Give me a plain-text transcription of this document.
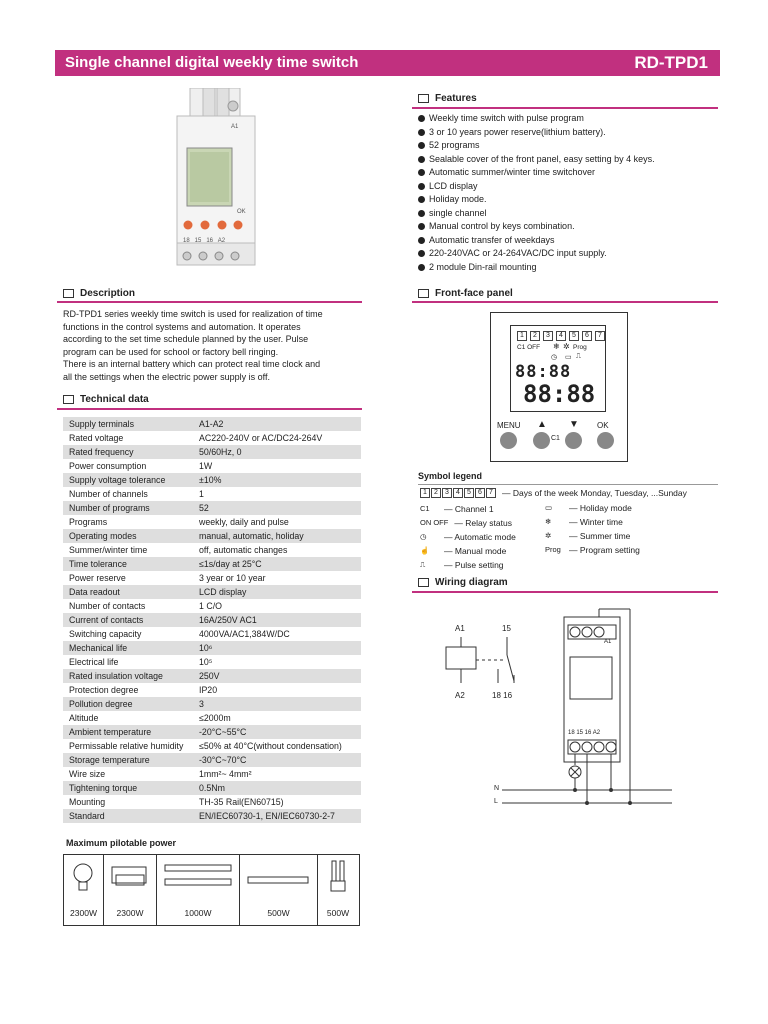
Single channel digital weekly time switch	RD-TPD1
A1
OK
18   15   16   A2
Features
Weekly time switch with pulse program
3 or 10 years power reserve(lithium battery).
52 programs
Sealable cover of the front panel, easy setting by 4 keys.
Automatic summer/winter time switchover
LCD display
Holiday mode.
single channel
Manual control by keys combination.
Automatic transfer of weekdays
220-240VAC or 24-264VAC/DC input supply.
2 module Din-rail mounting
Description
RD-TPD1 series weekly time switch is used for realization of time
functions in the control systems and automation. It operates
according to the set time schedule planned by the user. Pulse
program can be used for school or factory bell ringing.
There is an internal battery which can protect real time clock and
all the settings when the electric power supply is off.
Front-face panel
1	2	3	4	5	6	7
C1 OFF ❄ ✲ Prog
◷ ▭ ⎍
88:88
88:88
MENU	OK
▲ ▼
C1
Technical data
Supply terminals	A1-A2
Rated voltage	AC220-240V or AC/DC24-264V
Rated frequency	50/60Hz, 0
Power consumption	1W
Supply voltage tolerance	±10%
Number of channels	1
Number of programs	52
Programs	weekly, daily and pulse
Operating modes	manual, automatic, holiday
Summer/winter time	off, automatic changes
Time tolerance	≤1s/day at 25°C
Power reserve	3 year or 10 year
Data readout	LCD display
Number of contacts	1 C/O
Current of contacts	16A/250V AC1
Switching capacity	4000VA/AC1,384W/DC
Mechanical life	10⁶
Electrical life	10⁵
Rated insulation voltage	250V
Protection degree	IP20
Pollution degree	3
Altitude	≤2000m
Ambient temperature	-20°C~55°C
Permissable relative humidity	≤50% at 40°C(without condensation)
Storage temperature	-30°C~70°C
Wire size	1mm²~ 4mm²
Tightening torque	0.5Nm
Mounting	TH-35 Rail(EN60715)
Standard	EN/IEC60730-1, EN/IEC60730-2-7
Symbol legend
1	2	3	4	5	6	7	— Days of the week Monday, Tuesday, ...Sunday
C1	— Channel 1
ON OFF — Relay status
◷	— Automatic mode
☝	— Manual mode
⎍	— Pulse setting
▭	— Holiday mode
❄	— Winter time
✲	— Summer time
Prog — Program setting
Wiring diagram
A1	15
A2	18 16
A1
18 15 16 A2
N
L
Maximum pilotable power
2300W	2300W	1000W	500W	500W
